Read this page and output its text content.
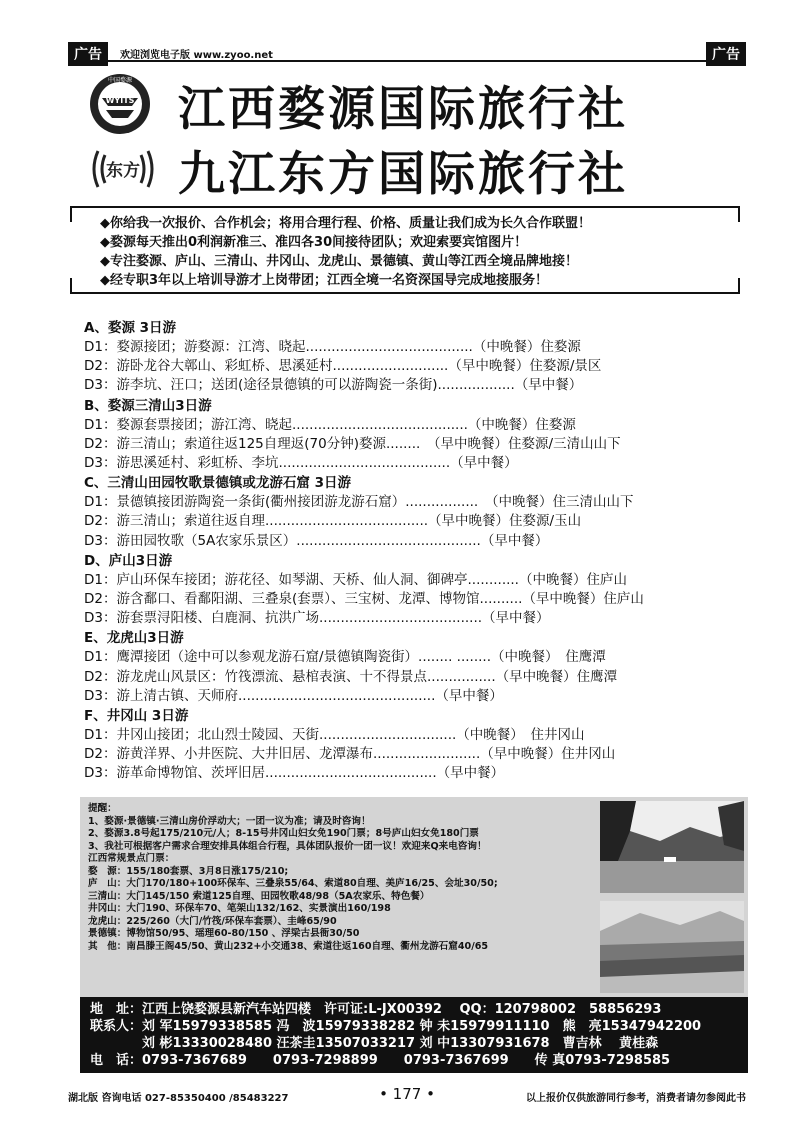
广告	欢迎浏览电子版 www.zyoo.net	广告
中国婺源
WYITS
东方
江西婺源国际旅行社
九江东方国际旅行社
◆你给我一次报价、合作机会；将用合理行程、价格、质量让我们成为长久合作联盟！
◆婺源每天推出0利润新准三、准四各30间接待团队；欢迎索要宾馆图片！
◆专注婺源、庐山、三清山、井冈山、龙虎山、景德镇、黄山等江西全境品牌地接！
◆经专职3年以上培训导游才上岗带团；江西全境一名资深国导完成地接服务！
A、婺源 3日游
D1：婺源接团；游婺源：江湾、晓起.......................................（中晚餐）住婺源
D2：游卧龙谷大鄣山、彩虹桥、思溪延村...........................（早中晚餐）住婺源/景区
D3：游李坑、汪口；送团(途径景德镇的可以游陶瓷一条街)..................（早中餐）
B、婺源三清山3日游
D1：婺源套票接团；游江湾、晓起.........................................（中晚餐）住婺源
D2：游三清山；索道往返125自理返(70分钟)婺源........　（早中晚餐）住婺源/三清山山下
D3：游思溪延村、彩虹桥、李坑........................................（早中餐）
C、三清山田园牧歌景德镇或龙游石窟 3日游
D1：景德镇接团游陶瓷一条街(衢州接团游龙游石窟）.................　（中晚餐）住三清山山下
D2：游三清山；索道往返自理......................................（早中晚餐）住婺源/玉山
D3：游田园牧歌（5A农家乐景区）...........................................（早中餐）
D、庐山3日游
D1：庐山环保车接团；游花径、如琴湖、天桥、仙人洞、御碑亭............（中晚餐）住庐山
D2：游含鄱口、看鄱阳湖、三叠泉(套票）、三宝树、龙潭、博物馆..........（早中晚餐）住庐山
D3：游套票浔阳楼、白鹿洞、抗洪广场......................................（早中餐）
E、龙虎山3日游
D1：鹰潭接团（途中可以参观龙游石窟/景德镇陶瓷街）........ ........（中晚餐）　住鹰潭
D2：游龙虎山风景区：竹筏漂流、悬棺表演、十不得景点................（早中晚餐）住鹰潭
D3：游上清古镇、天师府..............................................（早中餐）
F、井冈山 3日游
D1：井冈山接团；北山烈士陵园、天街................................（中晚餐）　住井冈山
D2：游黄洋界、小井医院、大井旧居、龙潭瀑布.........................（早中晚餐）住井冈山
D3：游革命博物馆、茨坪旧居........................................（早中餐）
提醒：
1、婺源·景德镇·三清山房价浮动大；一团一议为准；请及时咨询！
2、婺源3.8号起175/210元/人；8-15号井冈山妇女免190门票；8号庐山妇女免180门票
3、我社可根据客户需求合理安排具体组合行程，具体团队报价一团一议！欢迎来Q来电咨询！
江西常规景点门票：
婺　源：155/180套票、3月8日涨175/210;
庐　山：大门170/180+100环保车、三叠泉55/64、索道80自理、美庐16/25、会址30/50;
三清山：大门145/150 索道125自理、田园牧歌48/98（5A农家乐、特色餐）
井冈山：大门190、环保车70、笔架山132/162、实景演出160/198
龙虎山：225/260（大门/竹筏/环保车套票）、圭峰65/90
景德镇：博物馆50/95、瑶理60-80/150 、浮梁古县衙30/50
其　他：南昌滕王阁45/50、黄山232+小交通38、索道往返160自理、衢州龙游石窟40/65
地　址：江西上饶婺源县新汽车站四楼　许可证:L-JX00392　 QQ：120798002　58856293
联系人：刘 军15979338585 冯　波15979338282 钟 未15979911110　熊　亮15347942200
　　　　刘 彬13330028480 汪茶圭13507033217 刘 中13307931678　曹吉林　 黄桂森
电　话：0793-7367689　　0793-7298899　　0793-7367699　　传 真0793-7298585
湖北版 咨询电话 027-85350400 /85483227	• 177 •	以上报价仅供旅游同行参考，消费者请勿参阅此书
